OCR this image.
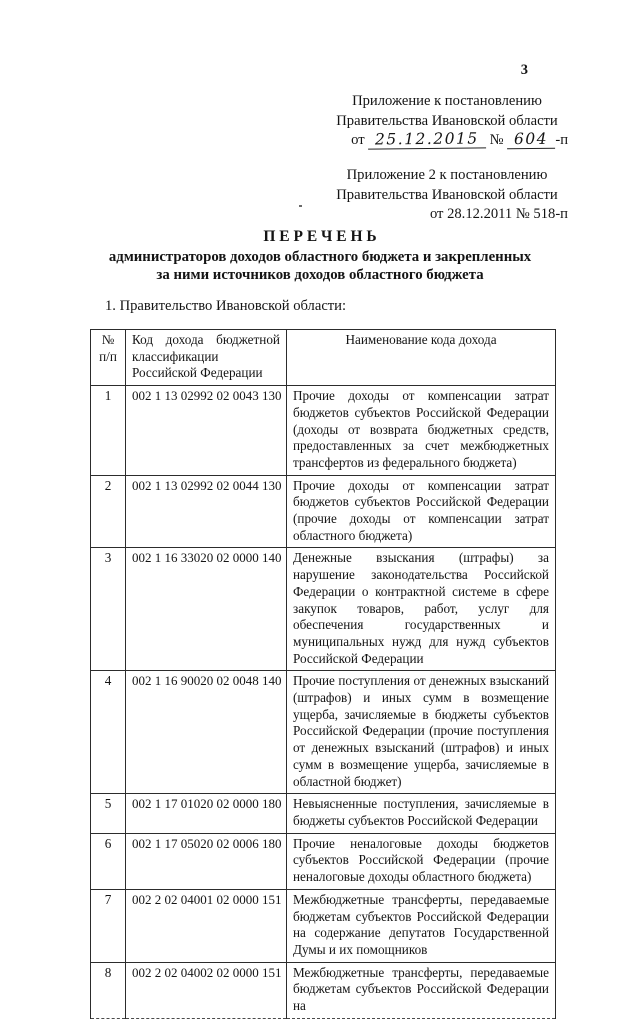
3
Приложение к постановлению
Правительства Ивановской области
от 25.12.2015 № 604 -п
Приложение 2 к постановлению
Правительства Ивановской области
от 28.12.2011 № 518-п
П Е Р Е Ч Е Н Ь
администраторов доходов областного бюджета и закрепленных
за ними источников доходов областного бюджета
1. Правительство Ивановской области:
№ п/п	Код дохода бюджетной классификации Российской Федерации	Наименование кода дохода
1	002 1 13 02992 02 0043 130	Прочие доходы от компенсации затрат бюджетов субъектов Российской Федерации (доходы от возврата бюджетных средств, предоставленных за счет межбюджетных трансфертов из федерального бюджета)
2	002 1 13 02992 02 0044 130	Прочие доходы от компенсации затрат бюджетов субъектов Российской Федерации (прочие доходы от компенсации затрат областного бюджета)
3	002 1 16 33020 02 0000 140	Денежные взыскания (штрафы) за нарушение законодательства Российской Федерации о контрактной системе в сфере закупок товаров, работ, услуг для обеспечения государственных и муниципальных нужд для нужд субъектов Российской Федерации
4	002 1 16 90020 02 0048 140	Прочие поступления от денежных взысканий (штрафов) и иных сумм в возмещение ущерба, зачисляемые в бюджеты субъектов Российской Федерации (прочие поступления от денежных взысканий (штрафов) и иных сумм в возмещение ущерба, зачисляемые в областной бюджет)
5	002 1 17 01020 02 0000 180	Невыясненные поступления, зачисляемые в бюджеты субъектов Российской Федерации
6	002 1 17 05020 02 0006 180	Прочие неналоговые доходы бюджетов субъектов Российской Федерации (прочие неналоговые доходы областного бюджета)
7	002 2 02 04001 02 0000 151	Межбюджетные трансферты, передаваемые бюджетам субъектов Российской Федерации на содержание депутатов Государственной Думы и их помощников
8	002 2 02 04002 02 0000 151	Межбюджетные трансферты, передаваемые бюджетам субъектов Российской Федерации на
